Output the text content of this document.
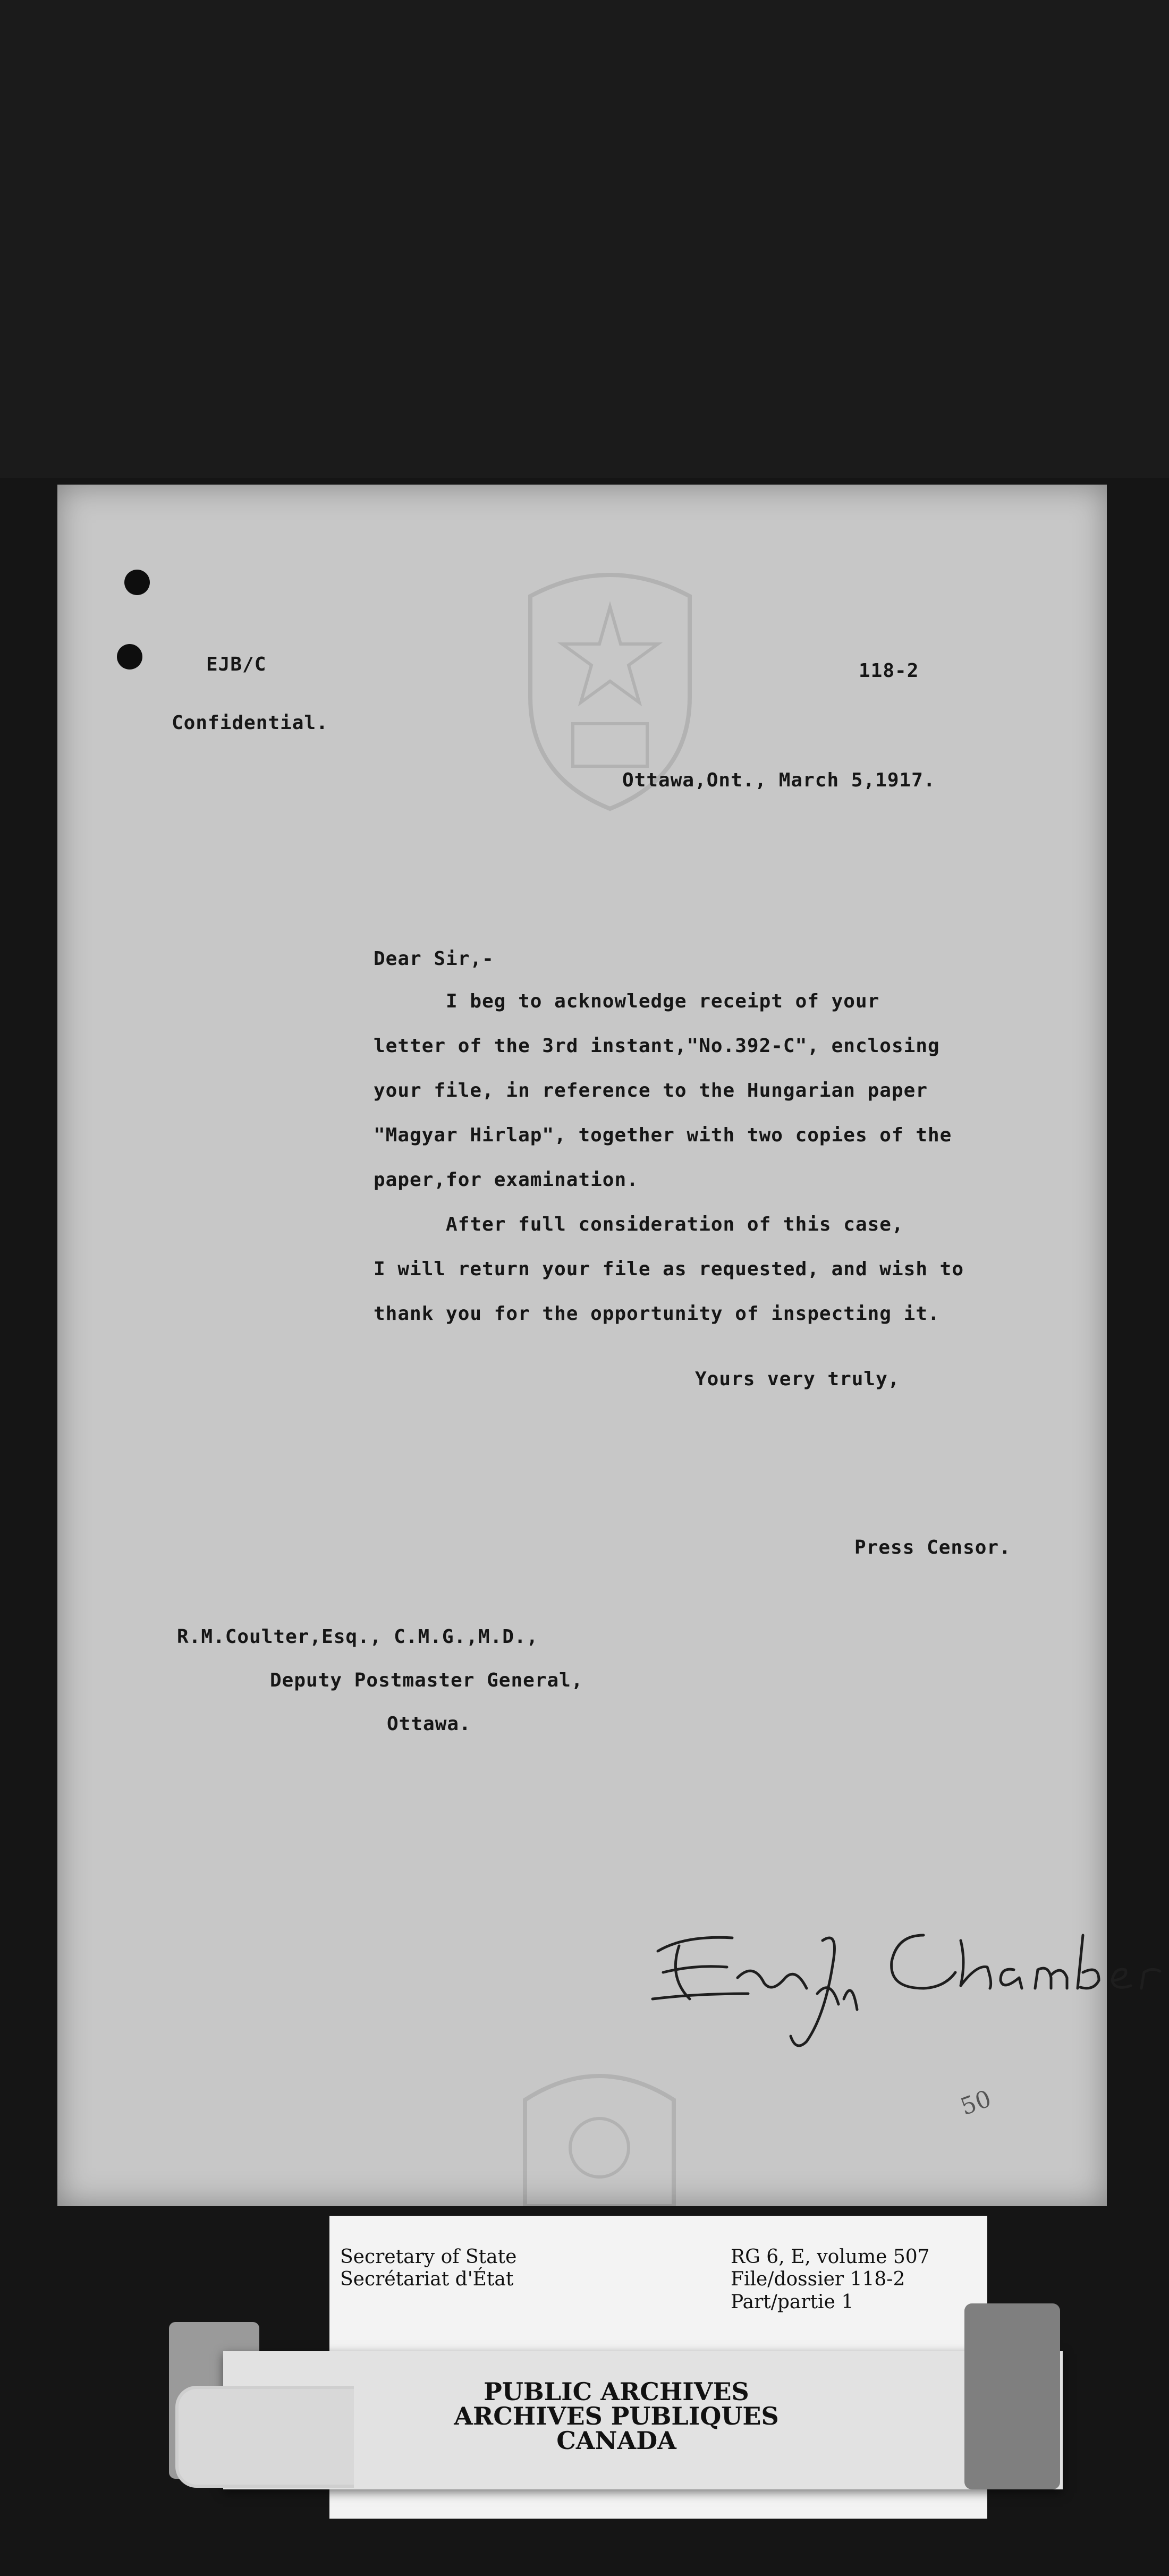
EJB/C	118-2
Confidential.
Ottawa,Ont., March 5,1917.
Dear Sir,-
I beg to acknowledge receipt of your
letter of the 3rd instant,"No.392-C", enclosing
your file, in reference to the Hungarian paper
"Magyar Hirlap", together with two copies of the
paper,for examination.
After full consideration of this case,
I will return your file as requested, and wish to
thank you for the opportunity of inspecting it.
Yours very truly,
Press Censor.
R.M.Coulter,Esq., C.M.G.,M.D.,
Deputy Postmaster General,
Ottawa.
50
Secretary of State
Secrétariat d'État
RG 6, E, volume 507
File/dossier 118-2
Part/partie 1
PUBLIC ARCHIVES
ARCHIVES PUBLIQUES
CANADA
